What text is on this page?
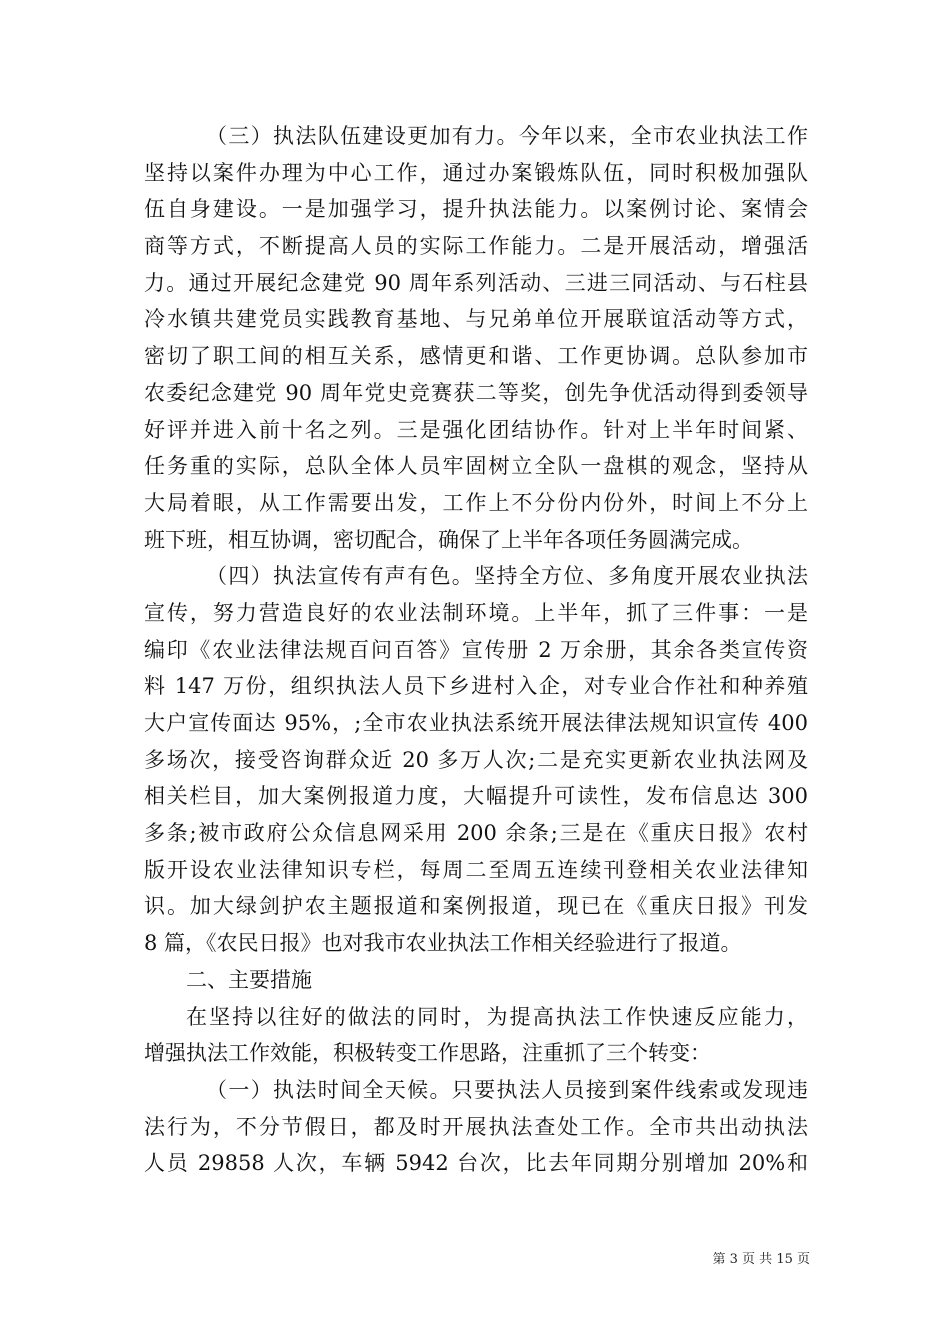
（三）执法队伍建设更加有力。今年以来，全市农业执法工作
坚持以案件办理为中心工作，通过办案锻炼队伍，同时积极加强队
伍自身建设。一是加强学习，提升执法能力。以案例讨论、案情会
商等方式，不断提高人员的实际工作能力。二是开展活动，增强活
力。通过开展纪念建党 90 周年系列活动、三进三同活动、与石柱县
冷水镇共建党员实践教育基地、与兄弟单位开展联谊活动等方式，
密切了职工间的相互关系，感情更和谐、工作更协调。总队参加市
农委纪念建党 90 周年党史竞赛获二等奖，创先争优活动得到委领导
好评并进入前十名之列。三是强化团结协作。针对上半年时间紧、
任务重的实际，总队全体人员牢固树立全队一盘棋的观念，坚持从
大局着眼，从工作需要出发，工作上不分份内份外，时间上不分上
班下班，相互协调，密切配合，确保了上半年各项任务圆满完成。
（四）执法宣传有声有色。坚持全方位、多角度开展农业执法
宣传，努力营造良好的农业法制环境。上半年，抓了三件事：一是
编印《农业法律法规百问百答》宣传册 2 万余册，其余各类宣传资
料 147 万份，组织执法人员下乡进村入企，对专业合作社和种养殖
大户宣传面达 95%，;全市农业执法系统开展法律法规知识宣传 400
多场次，接受咨询群众近 20 多万人次;二是充实更新农业执法网及
相关栏目，加大案例报道力度，大幅提升可读性，发布信息达 300
多条;被市政府公众信息网采用 200 余条;三是在《重庆日报》农村
版开设农业法律知识专栏，每周二至周五连续刊登相关农业法律知
识。加大绿剑护农主题报道和案例报道，现已在《重庆日报》刊发
8 篇，《农民日报》也对我市农业执法工作相关经验进行了报道。
二、主要措施
在坚持以往好的做法的同时，为提高执法工作快速反应能力，
增强执法工作效能，积极转变工作思路，注重抓了三个转变：
（一）执法时间全天候。只要执法人员接到案件线索或发现违
法行为，不分节假日，都及时开展执法查处工作。全市共出动执法
人员 29858 人次，车辆 5942 台次，比去年同期分别增加 20%和
第 3 页 共 15 页
